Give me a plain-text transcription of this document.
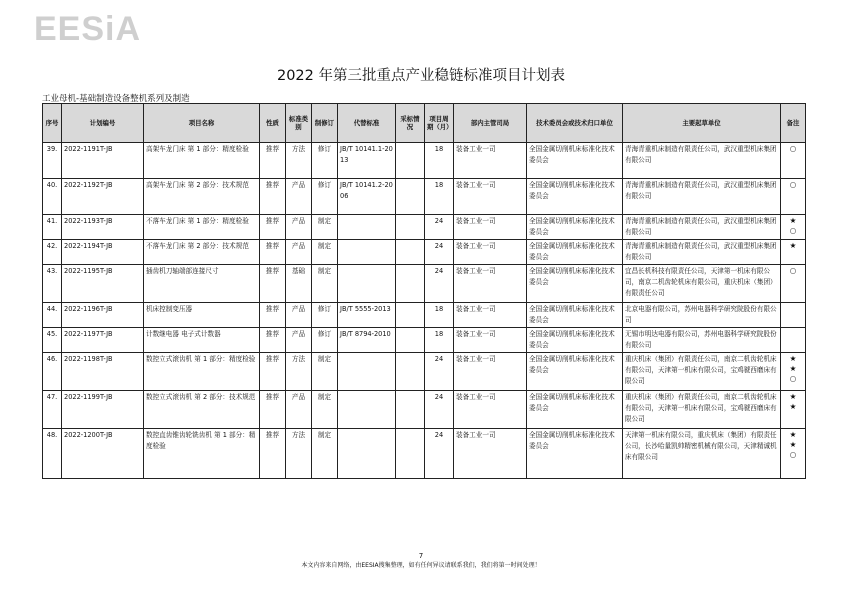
EESiA
2022 年第三批重点产业稳链标准项目计划表
工业母机-基础制造设备整机系列及制造
序号	计划编号	项目名称	性质	标准类别	制修订	代替标准	采标情况	项目周期（月）	部内主管司局	技术委员会或技术归口单位	主要起草单位	备注
39.	2022-1191T-JB	高架车龙门床 第 1 部分：精度检验	推荐	方法	修订	JB/T 10141.1-2013		18	装备工业一司	全国金属切削机床标准化技术委员会	青海青重机床制造有限责任公司，武汉重型机床集团有限公司	○
40.	2022-1192T-JB	高架车龙门床 第 2 部分：技术规范	推荐	产品	修订	JB/T 10141.2-2006		18	装备工业一司	全国金属切削机床标准化技术委员会	青海青重机床制造有限责任公司，武汉重型机床集团有限公司	○
41.	2022-1193T-JB	不落车龙门床 第 1 部分：精度检验	推荐	产品	制定			24	装备工业一司	全国金属切削机床标准化技术委员会	青海青重机床制造有限责任公司，武汉重型机床集团有限公司	★
○
42.	2022-1194T-JB	不落车龙门床 第 2 部分：技术规范	推荐	产品	制定			24	装备工业一司	全国金属切削机床标准化技术委员会	青海青重机床制造有限责任公司，武汉重型机床集团有限公司	★
43.	2022-1195T-JB	插齿机刀轴端部连接尺寸	推荐	基础	制定			24	装备工业一司	全国金属切削机床标准化技术委员会	宜昌长机科技有限责任公司，天津第一机床有限公司，南京二机齿轮机床有限公司，重庆机床（集团）有限责任公司	○
44.	2022-1196T-JB	机床控制变压器	推荐	产品	修订	JB/T 5555-2013		18	装备工业一司	全国金属切削机床标准化技术委员会	北京电器有限公司，苏州电器科学研究院股份有限公司	
45.	2022-1197T-JB	计数继电器 电子式计数器	推荐	产品	修订	JB/T 8794-2010		18	装备工业一司	全国金属切削机床标准化技术委员会	无锡市明达电器有限公司，苏州电器科学研究院股份有限公司	
46.	2022-1198T-JB	数控立式滚齿机 第 1 部分：精度检验	推荐	方法	制定			24	装备工业一司	全国金属切削机床标准化技术委员会	重庆机床（集团）有限责任公司，南京二机齿轮机床有限公司，天津第一机床有限公司，宝鸡虢西磨床有限公司	★
★
○
47.	2022-1199T-JB	数控立式滚齿机 第 2 部分：技术规范	推荐	产品	制定			24	装备工业一司	全国金属切削机床标准化技术委员会	重庆机床（集团）有限责任公司，南京二机齿轮机床有限公司，天津第一机床有限公司，宝鸡虢西磨床有限公司	★
★
48.	2022-1200T-JB	数控直齿锥齿轮铣齿机 第 1 部分：精度检验	推荐	方法	制定			24	装备工业一司	全国金属切削机床标准化技术委员会	天津第一机床有限公司，重庆机床（集团）有限责任公司，长沙哈量凯帅精密机械有限公司，天津精诚机床有限公司	★
★
○
7
本文内容来自网络，由EESIA搜集整理，如有任何异议请联系我们，我们将第一时间处理！
